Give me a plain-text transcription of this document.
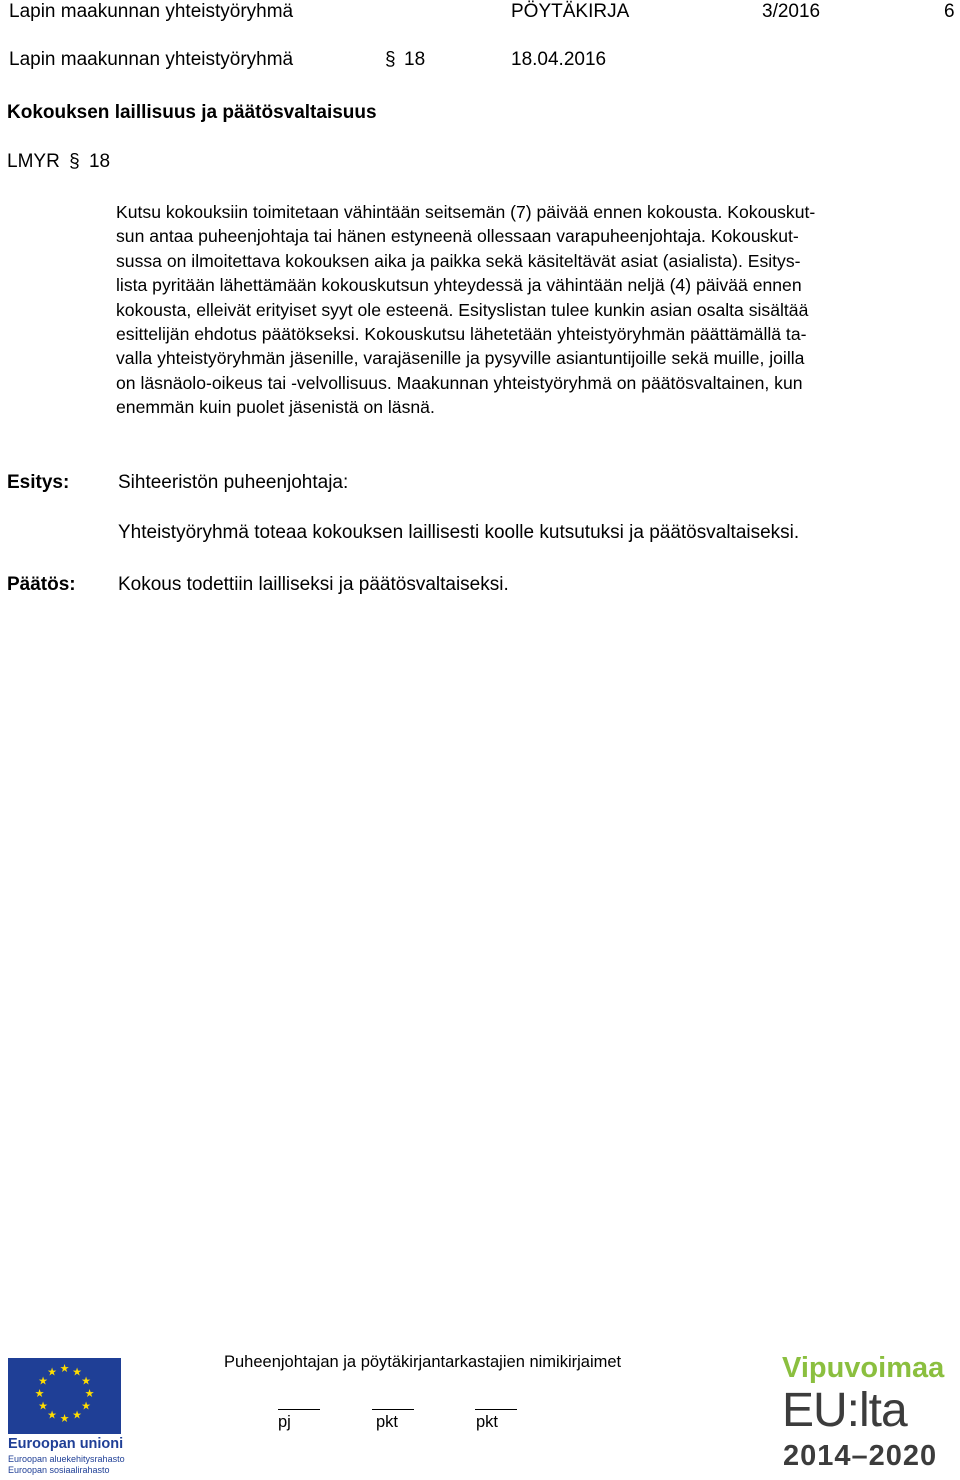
Lapin maakunnan yhteistyöryhmä	PÖYTÄKIRJA	3/2016	6
Lapin maakunnan yhteistyöryhmä	§ 18	18.04.2016
Kokouksen laillisuus ja päätösvaltaisuus
LMYR § 18
Kutsu kokouksiin toimitetaan vähintään seitsemän (7) päivää ennen kokousta. Kokouskut-
sun antaa puheenjohtaja tai hänen estyneenä ollessaan varapuheenjohtaja. Kokouskut-
sussa on ilmoitettava kokouksen aika ja paikka sekä käsiteltävät asiat (asialista). Esitys-
lista pyritään lähettämään kokouskutsun yhteydessä ja vähintään neljä (4) päivää ennen
kokousta, elleivät erityiset syyt ole esteenä. Esityslistan tulee kunkin asian osalta sisältää
esittelijän ehdotus päätökseksi. Kokouskutsu lähetetään yhteistyöryhmän päättämällä ta-
valla yhteistyöryhmän jäsenille, varajäsenille ja pysyville asiantuntijoille sekä muille, joilla
on läsnäolo-oikeus tai -velvollisuus. Maakunnan yhteistyöryhmä on päätösvaltainen, kun
enemmän kuin puolet jäsenistä on läsnä.
Esitys:	Sihteeristön puheenjohtaja:
Yhteistyöryhmä toteaa kokouksen laillisesti koolle kutsutuksi ja päätösvaltaiseksi.
Päätös: Kokous todettiin lailliseksi ja päätösvaltaiseksi.
Puheenjohtajan ja pöytäkirjantarkastajien nimikirjaimet
pj	pkt	pkt
★ ★
★
★
★
★
★
★
★
★
★
★
Euroopan unioni
Euroopan aluekehitysrahasto
Euroopan sosiaalirahasto
Vipuvoimaa
EU:lta
2014–2020
